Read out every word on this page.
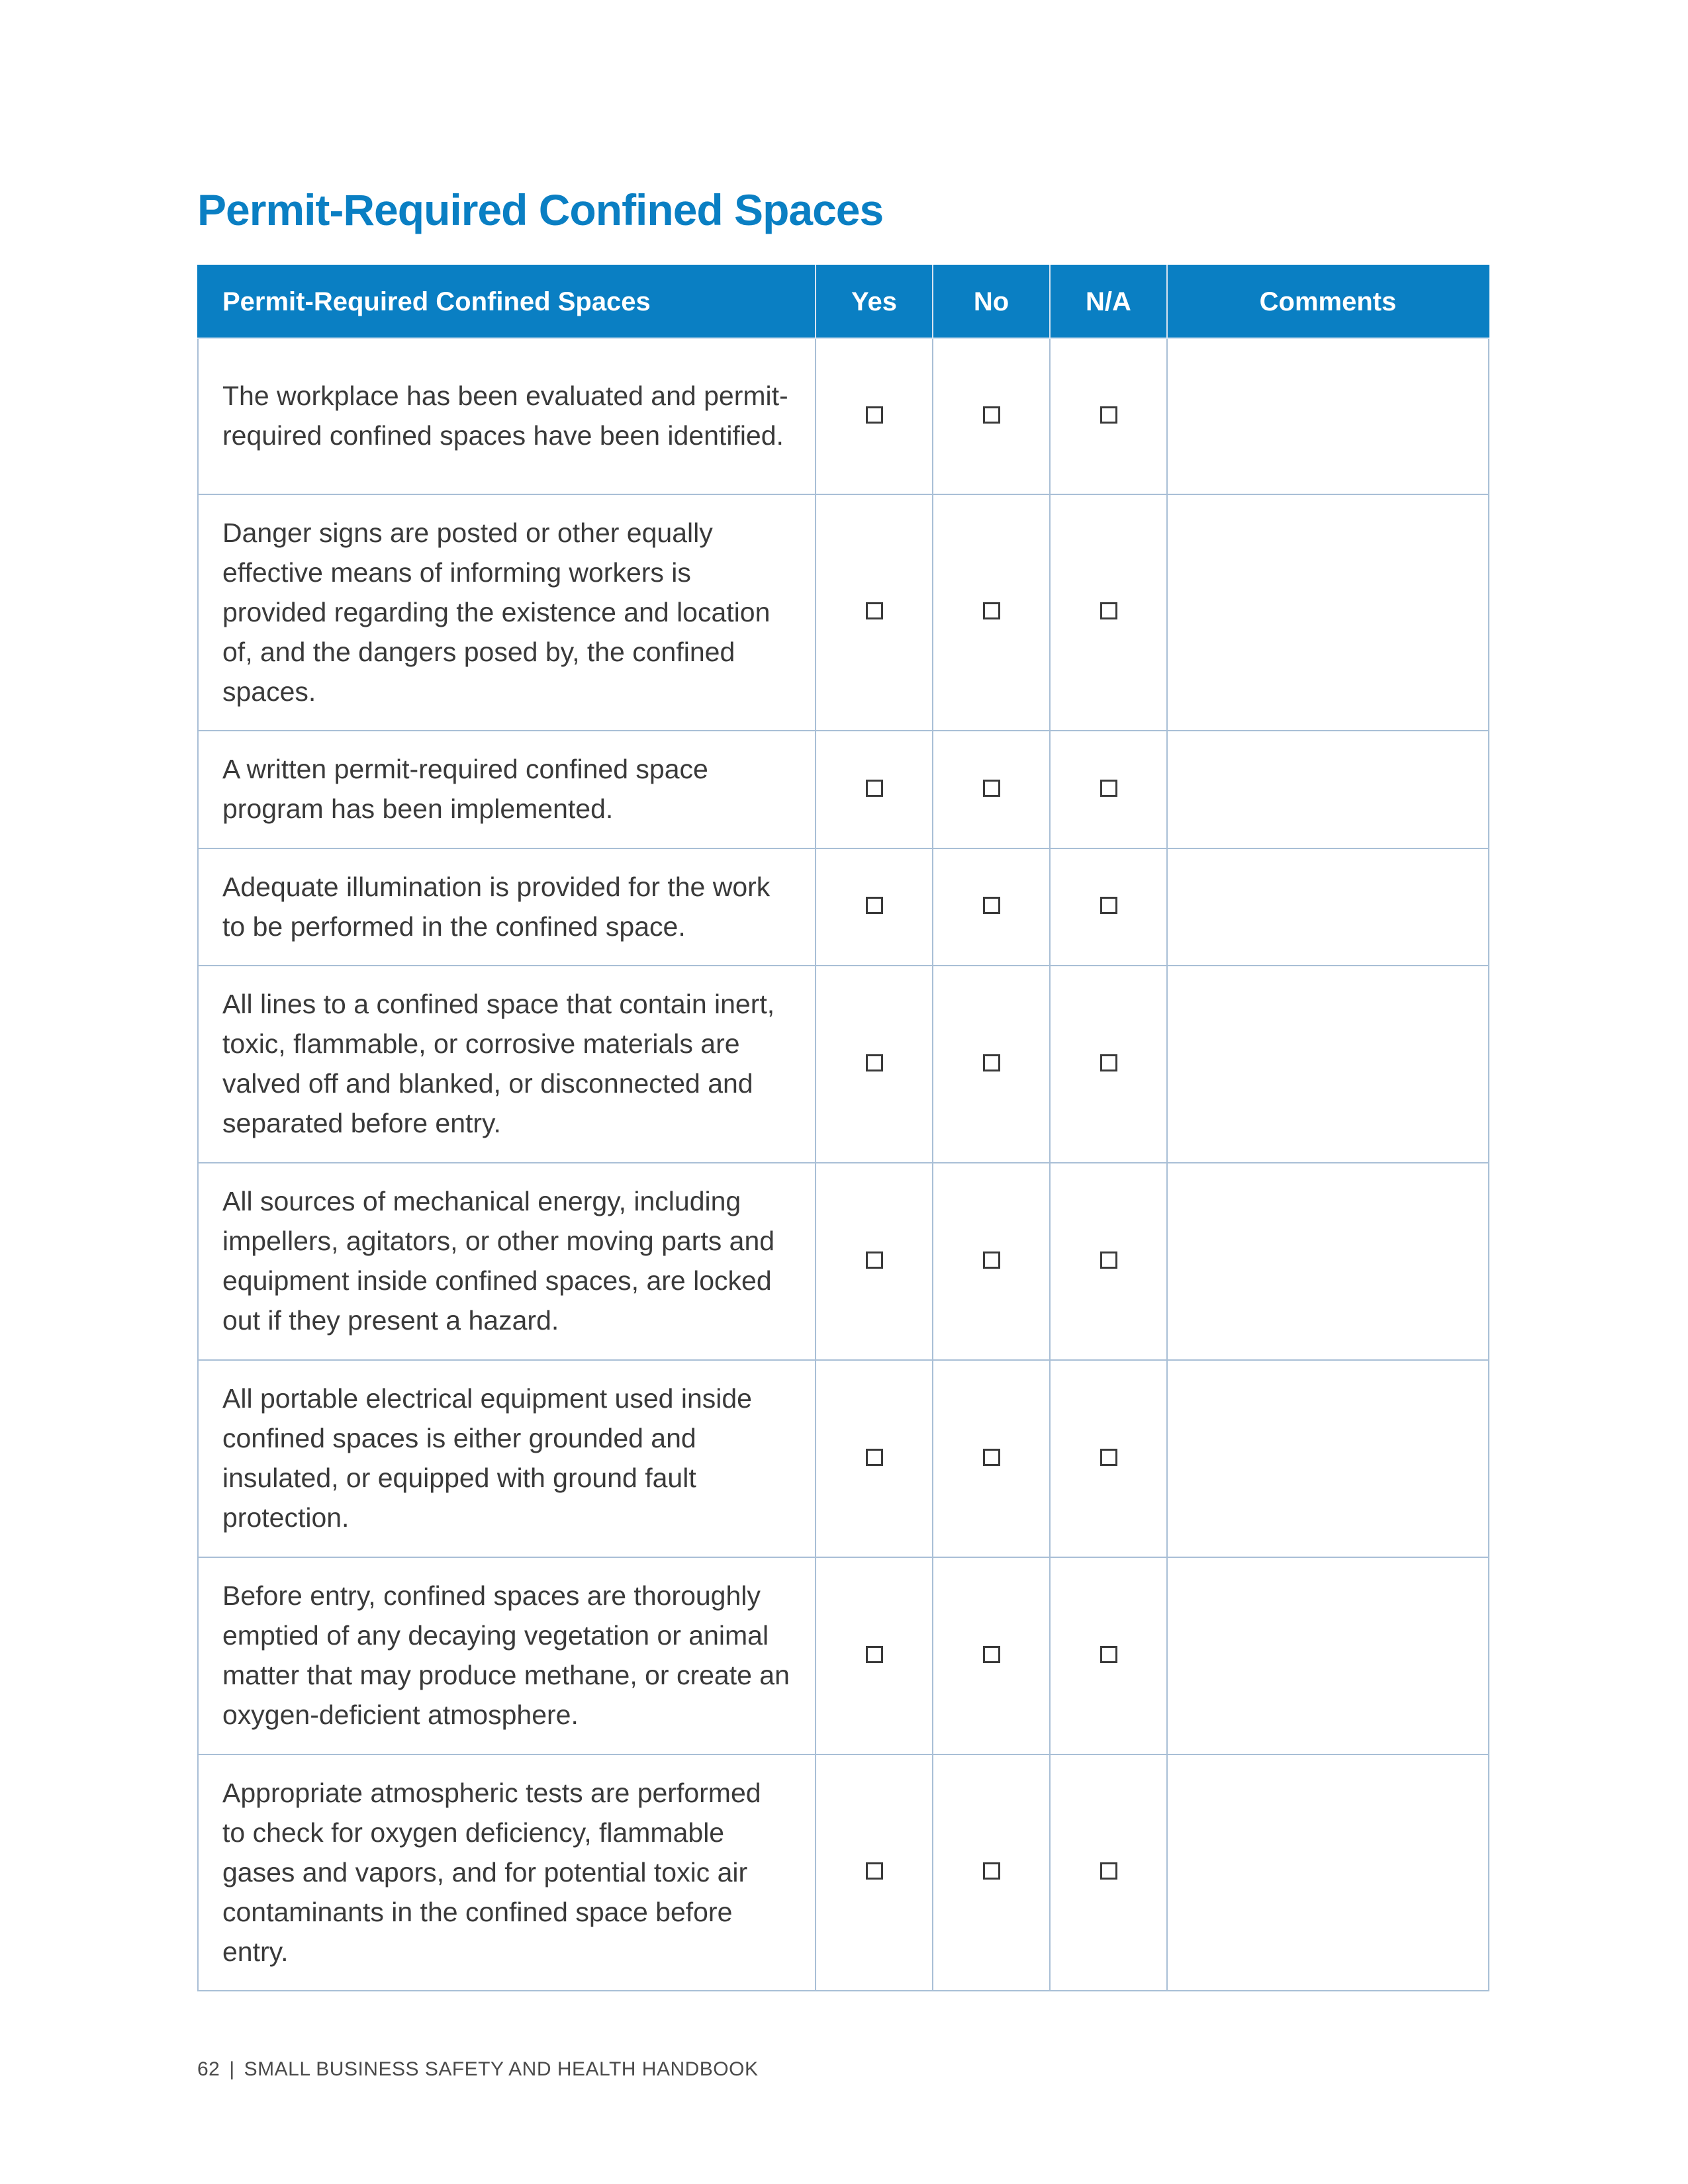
Permit-Required Confined Spaces
Permit-Required Confined Spaces	Yes	No	N/A	Comments
The workplace has been evaluated and permit-required confined spaces have been identified.				
Danger signs are posted or other equally effective means of informing workers is provided regarding the existence and location of, and the dangers posed by, the confined spaces.				
A written permit-required confined space program has been implemented.				
Adequate illumination is provided for the work to be performed in the confined space.				
All lines to a confined space that contain inert, toxic, flammable, or corrosive materials are valved off and blanked, or disconnected and separated before entry.				
All sources of mechanical energy, including impellers, agitators, or other moving parts and equipment inside confined spaces, are locked out if they present a hazard.				
All portable electrical equipment used inside confined spaces is either grounded and insulated, or equipped with ground fault protection.				
Before entry, confined spaces are thoroughly emptied of any decaying vegetation or animal matter that may produce methane, or create an oxygen-deficient atmosphere.				
Appropriate atmospheric tests are performed to check for oxygen deficiency, flammable gases and vapors, and for potential toxic air contaminants in the confined space before entry.				
62 | SMALL BUSINESS SAFETY AND HEALTH HANDBOOK
